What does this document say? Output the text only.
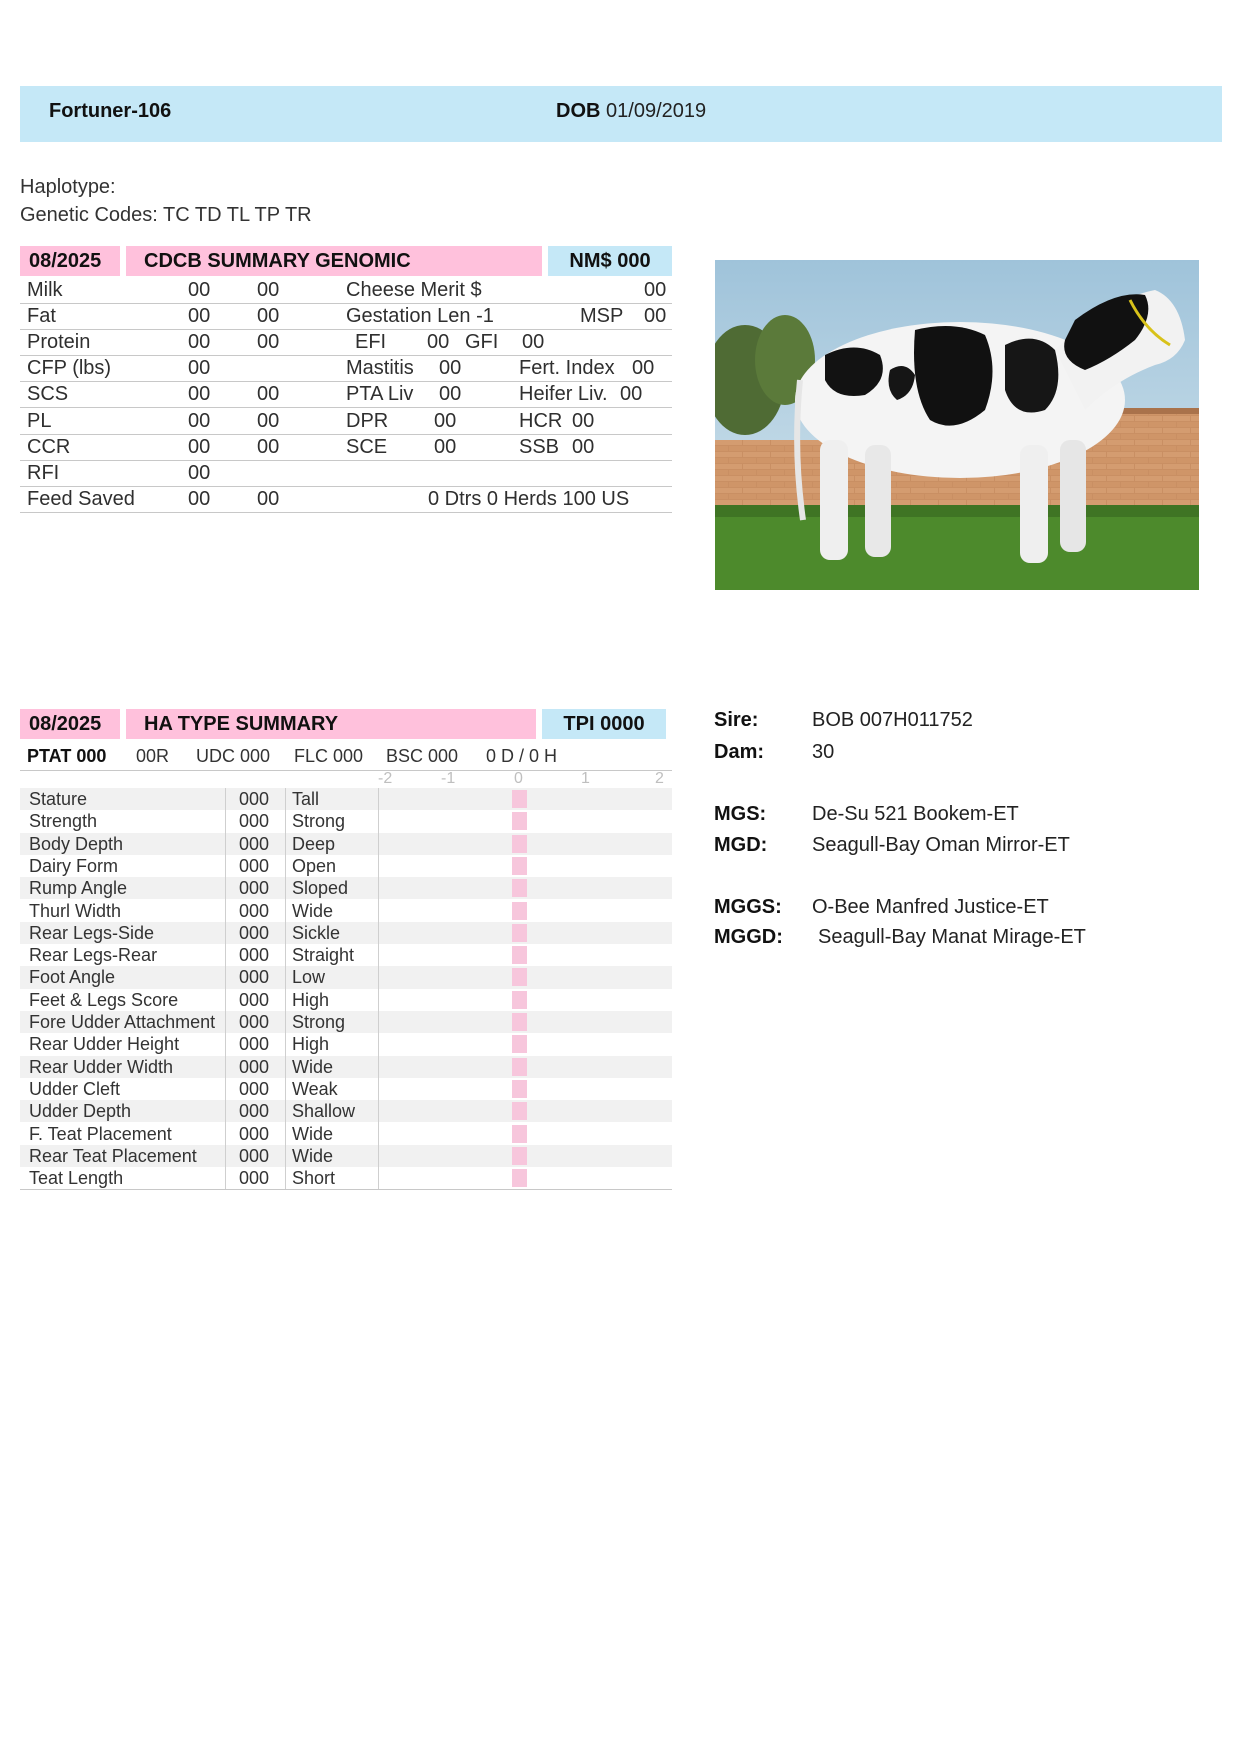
Fortuner-106	DOB 01/09/2019
Haplotype:
Genetic Codes: TC TD TL TP TR
08/2025	CDCB SUMMARY GENOMIC	NM$ 000
Milk	00 00	Cheese Merit $	00
Fat	00 00	Gestation Len -1	MSP 00
Protein	00 00	EFI 00 GFI 00
CFP (lbs)	00	Mastitis 00	Fert. Index 00
SCS	00 00	PTA Liv 00	Heifer Liv. 00
PL	00 00	DPR 00	HCR 00
CCR	00 00	SCE 00	SSB 00
RFI	00
Feed Saved	00 00	0 Dtrs 0 Herds 100 US
08/2025	HA TYPE SUMMARY	TPI 0000
PTAT 000 00R UDC 000 FLC 000 BSC 000 0 D / 0 H
-2	-1	0	1	2
Stature	000 Tall
Strength	000 Strong
Body Depth	000 Deep
Dairy Form	000 Open
Rump Angle	000 Sloped
Thurl Width	000 Wide
Rear Legs-Side	000 Sickle
Rear Legs-Rear	000 Straight
Foot Angle	000 Low
Feet & Legs Score	000 High
Fore Udder Attachment 000 Strong
Rear Udder Height	000 High
Rear Udder Width	000 Wide
Udder Cleft	000 Weak
Udder Depth	000 Shallow
F. Teat Placement	000 Wide
Rear Teat Placement 000 Wide
Teat Length	000 Short
Sire:	BOB 007H011752
Dam: 30
MGS: De-Su 521 Bookem-ET
MGD: Seagull-Bay Oman Mirror-ET
MGGS: O-Bee Manfred Justice-ET
MGGD: Seagull-Bay Manat Mirage-ET
